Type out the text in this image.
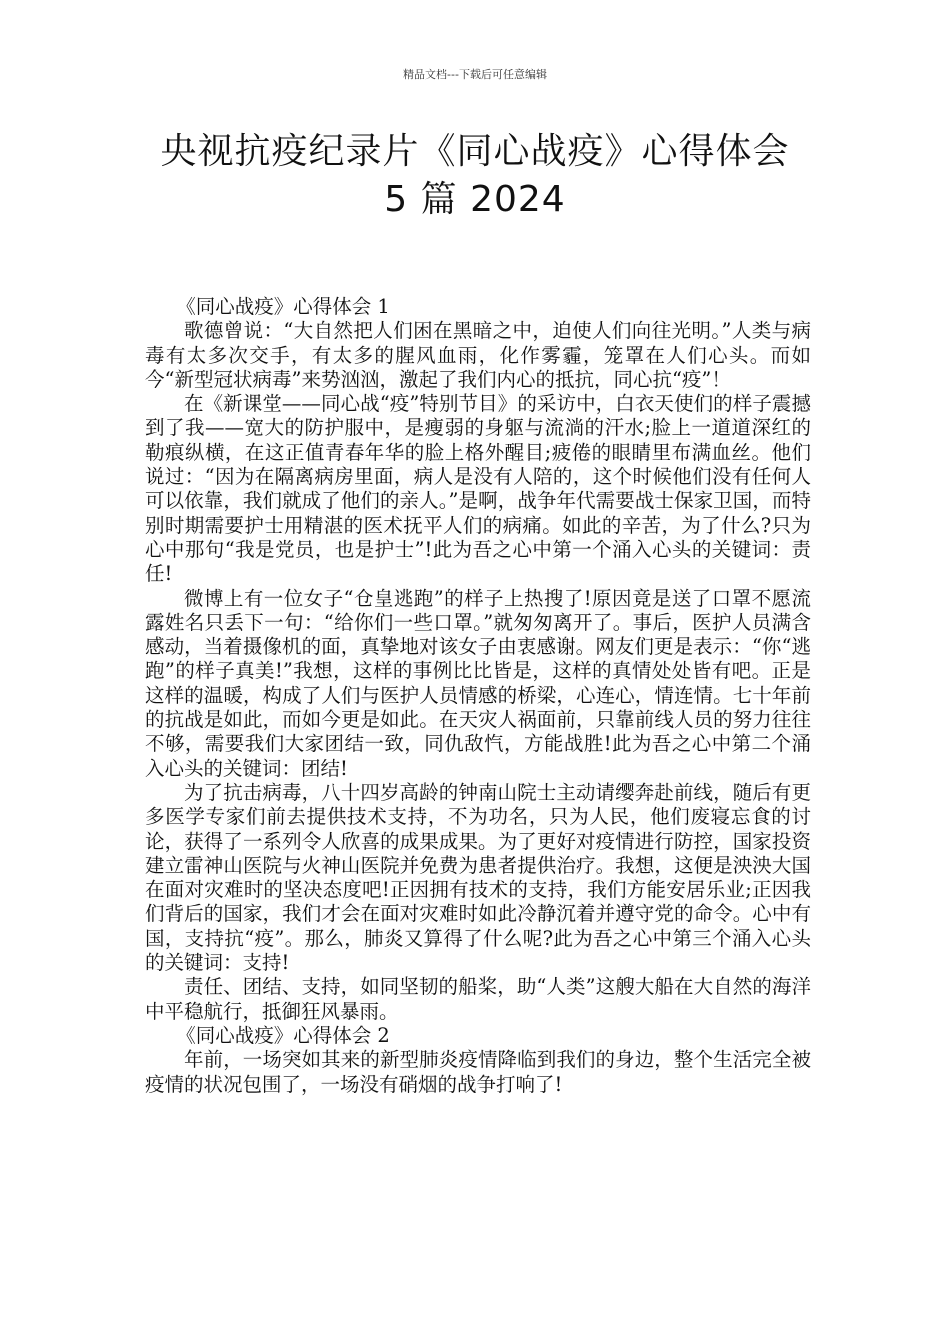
精品文档---下载后可任意编辑
央视抗疫纪录片《同心战疫》心得体会
5 篇 2024

《同心战疫》心得体会 1

歌德曾说：“大自然把人们困在黑暗之中，迫使人们向往光明。”人类与病毒有太多次交手，有太多的腥风血雨，化作雾霾，笼罩在人们心头。而如今“新型冠状病毒”来势汹汹，激起了我们内心的抵抗，同心抗“疫”！

在《新课堂——同心战“疫”特别节目》的采访中，白衣天使们的样子震撼到了我——宽大的防护服中，是瘦弱的身躯与流淌的汗水;脸上一道道深红的勒痕纵横，在这正值青春年华的脸上格外醒目;疲倦的眼睛里布满血丝。他们说过：“因为在隔离病房里面，病人是没有人陪的，这个时候他们没有任何人可以依靠，我们就成了他们的亲人。”是啊，战争年代需要战士保家卫国，而特别时期需要护士用精湛的医术抚平人们的病痛。如此的辛苦，为了什么?只为心中那句“我是党员，也是护士”!此为吾之心中第一个涌入心头的关键词：责任!

微博上有一位女子“仓皇逃跑”的样子上热搜了!原因竟是送了口罩不愿流露姓名只丢下一句：“给你们一些口罩。”就匆匆离开了。事后，医护人员满含感动，当着摄像机的面，真挚地对该女子由衷感谢。网友们更是表示：“你“逃跑”的样子真美!”我想，这样的事例比比皆是，这样的真情处处皆有吧。正是这样的温暖，构成了人们与医护人员情感的桥梁，心连心，情连情。七十年前的抗战是如此，而如今更是如此。在天灾人祸面前，只靠前线人员的努力往往不够，需要我们大家团结一致，同仇敌忾，方能战胜!此为吾之心中第二个涌入心头的关键词：团结!

为了抗击病毒，八十四岁高龄的钟南山院士主动请缨奔赴前线，随后有更多医学专家们前去提供技术支持，不为功名，只为人民，他们废寝忘食的讨论，获得了一系列令人欣喜的成果成果。为了更好对疫情进行防控，国家投资建立雷神山医院与火神山医院并免费为患者提供治疗。我想，这便是泱泱大国在面对灾难时的坚决态度吧!正因拥有技术的支持，我们方能安居乐业;正因我们背后的国家，我们才会在面对灾难时如此冷静沉着并遵守党的命令。心中有国，支持抗“疫”。那么，肺炎又算得了什么呢?此为吾之心中第三个涌入心头的关键词：支持!

责任、团结、支持，如同坚韧的船桨，助“人类”这艘大船在大自然的海洋中平稳航行，抵御狂风暴雨。

《同心战疫》心得体会 2

年前，一场突如其来的新型肺炎疫情降临到我们的身边，整个生活完全被疫情的状况包围了，一场没有硝烟的战争打响了!
